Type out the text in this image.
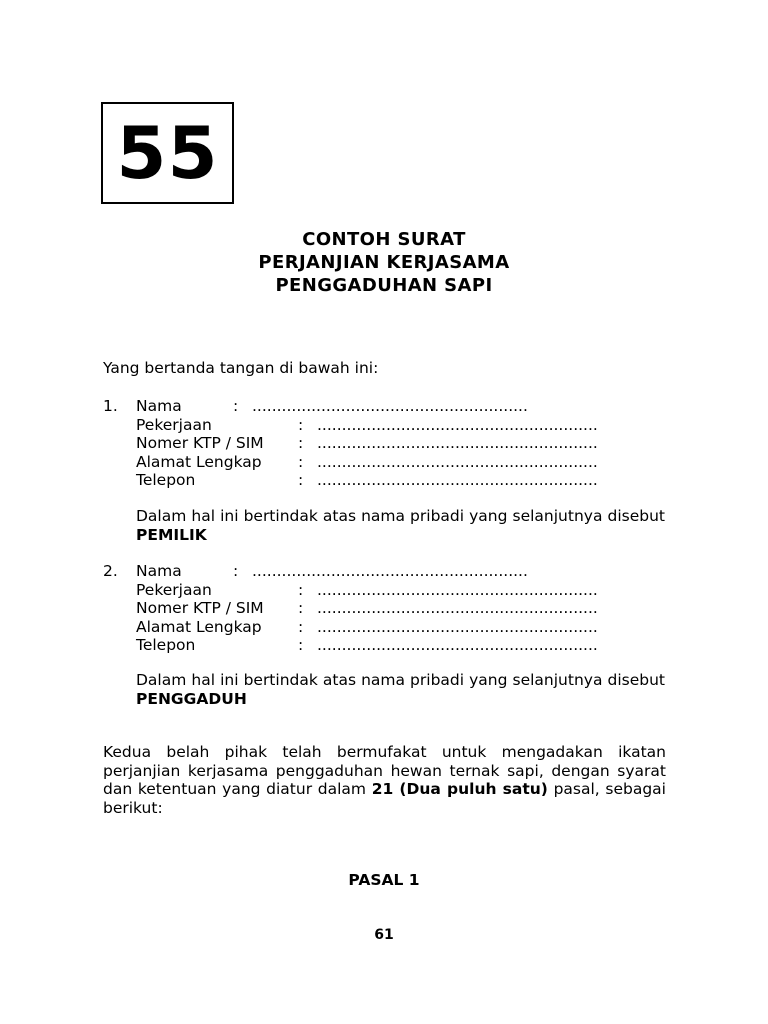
55
CONTOH SURAT
PERJANJIAN KERJASAMA
PENGGADUHAN SAPI
Yang bertanda tangan di bawah ini:
1. Nama	: ........................................................
Pekerjaan	: .........................................................
Nomer KTP / SIM : .........................................................
Alamat Lengkap : .........................................................
Telepon	: .........................................................
Dalam hal ini bertindak atas nama pribadi yang selanjutnya disebut PEMILIK
2. Nama	: ........................................................
Pekerjaan	: .........................................................
Nomer KTP / SIM : .........................................................
Alamat Lengkap : .........................................................
Telepon	: .........................................................
Dalam hal ini bertindak atas nama pribadi yang selanjutnya disebut PENGGADUH
Kedua belah pihak telah bermufakat untuk mengadakan ikatan perjanjian kerjasama penggaduhan hewan ternak sapi, dengan syarat dan ketentuan yang diatur dalam 21 (Dua puluh satu) pasal, sebagai berikut:
PASAL 1
61
